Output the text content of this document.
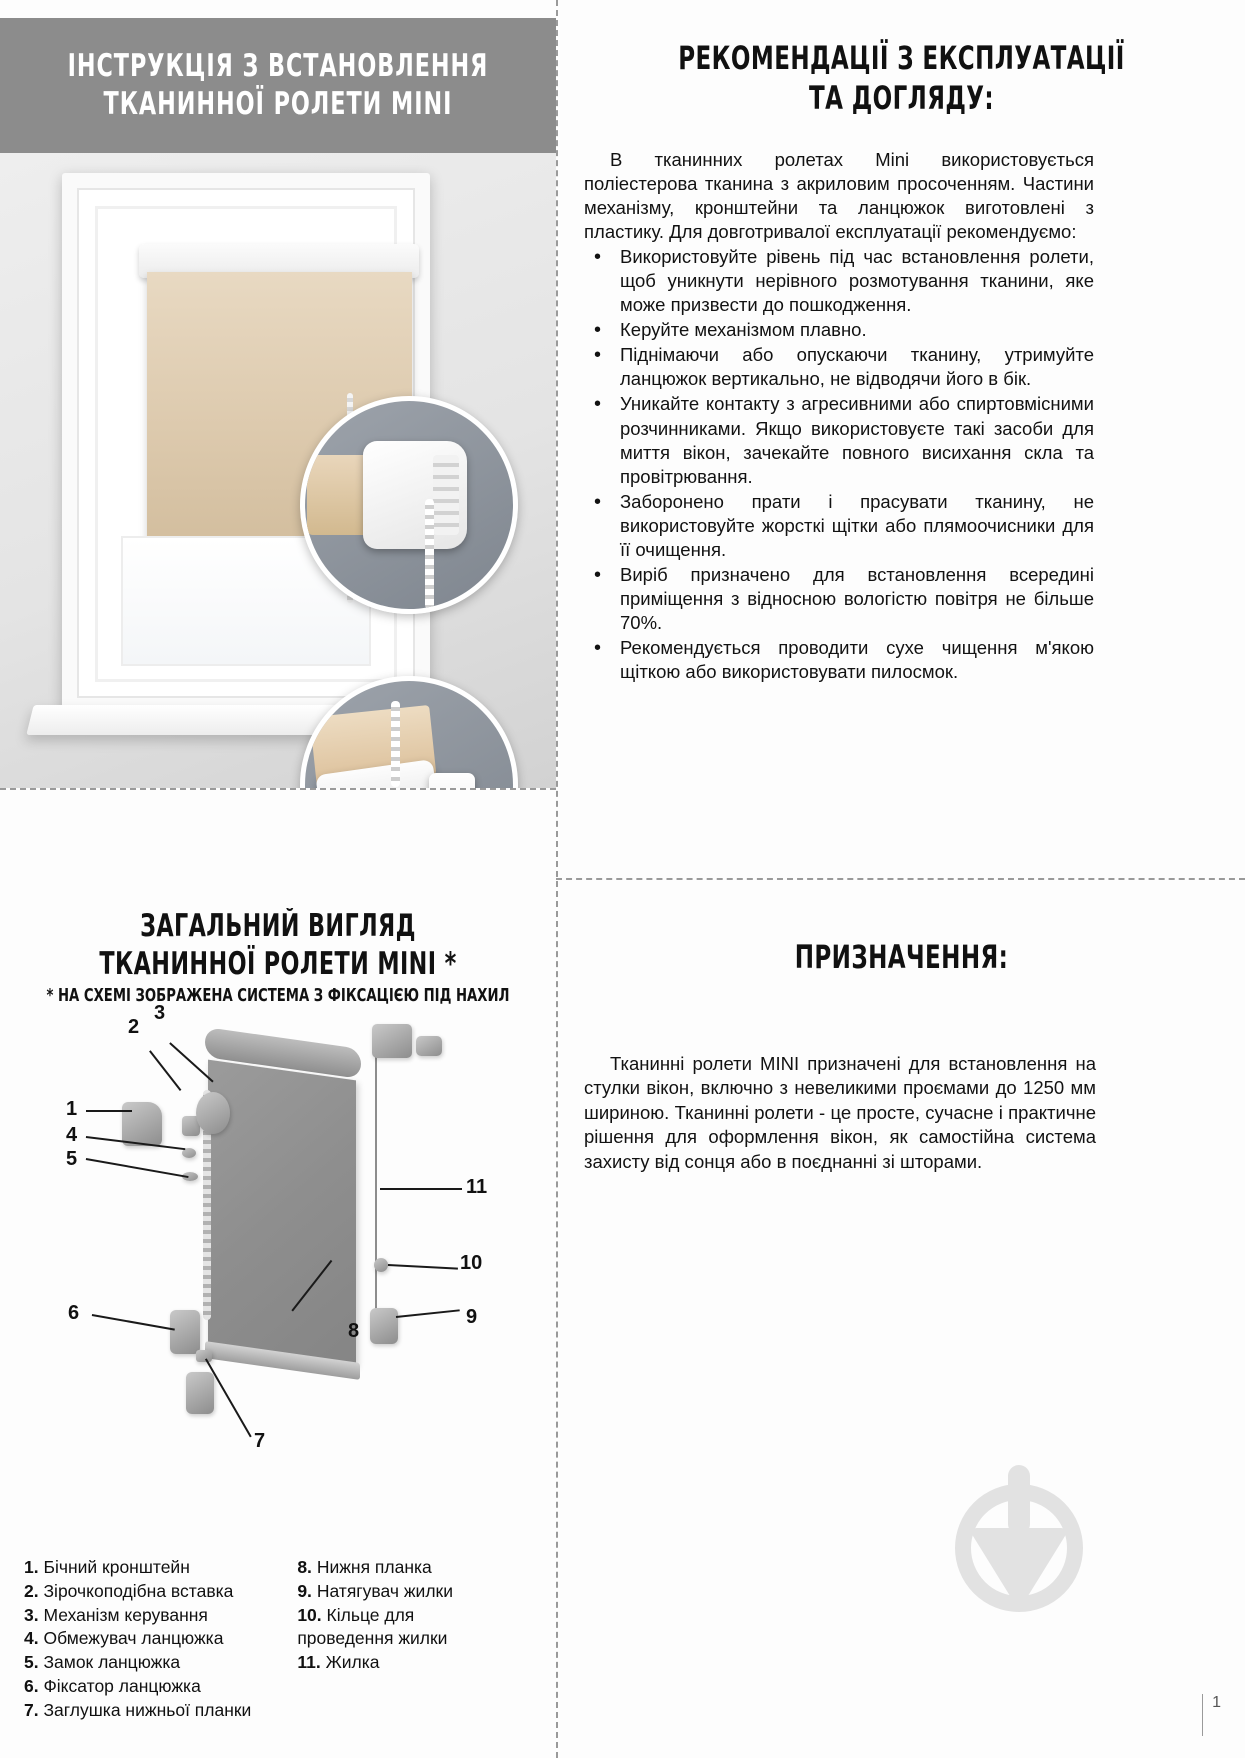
ІНСТРУКЦІЯ З ВСТАНОВЛЕННЯ
ТКАНИННОЇ РОЛЕТИ MINI
РЕКОМЕНДАЦІЇ З ЕКСПЛУАТАЦІЇ
ТА ДОГЛЯДУ:

В тканинних ролетах Mini використовується поліестерова тканина з акриловим просоченням. Частини механізму, кронштейни та ланцюжок виготовлені з пластику. Для довготривалої експлуатації рекомендуємо:

• Використовуйте рівень під час встановлення ролети, щоб уникнути нерівного розмотування тканини, яке може призвести до пошкодження.
• Керуйте механізмом плавно.
• Піднімаючи або опускаючи тканину, утримуйте ланцюжок вертикально, не відводячи його в бік.
• Уникайте контакту з агресивними або спиртовмісними розчинниками. Якщо використовуєте такі засоби для миття вікон, зачекайте повного висихання скла та провітрювання.
• Заборонено прати і прасувати тканину, не використовуйте жорсткі щітки або плямоочисники для її очищення.
• Виріб призначено для встановлення всередині приміщення з відносною вологістю повітря не більше 70%.
• Рекомендується проводити сухе чищення м'якою щіткою або використовувати пилосмок.
ЗАГАЛЬНИЙ ВИГЛЯД
ТКАНИННОЇ РОЛЕТИ MINI *
* НА СХЕМІ ЗОБРАЖЕНА СИСТЕМА З ФІКСАЦІЄЮ ПІД НАХИЛ
1
2
3
4
5
6
7
8
9
10
11
1. Бічний кронштейн
2. Зірочкоподібна вставка
3. Механізм керування
4. Обмежувач ланцюжка
5. Замок ланцюжка
6. Фіксатор ланцюжка
7. Заглушка нижньої планки
8. Нижня планка
9. Натягувач жилки
10. Кільце для проведення жилки
11. Жилка
ПРИЗНАЧЕННЯ:

Тканинні ролети MINI призначені для встановлення на стулки вікон, включно з невеликими проємами до 1250 мм шириною. Тканинні ролети - це просте, сучасне і практичне рішення для оформлення вікон, як самостійна система захисту від сонця або в поєднанні зі шторами.

1
